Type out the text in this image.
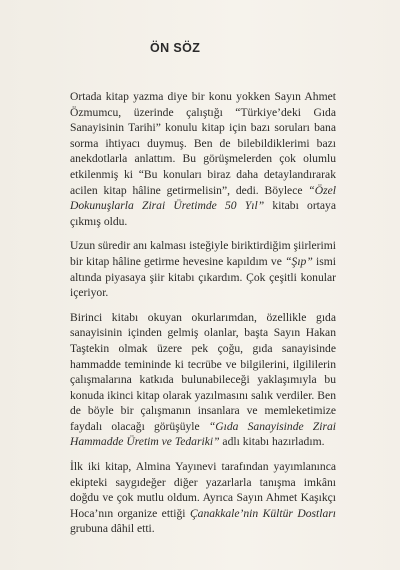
ÖN SÖZ

Ortada kitap yazma diye bir konu yokken Sayın Ahmet Özmumcu, üzerinde çalıştığı “Türkiye’deki Gıda Sanayisinin Tarihi” konulu kitap için bazı soruları bana sorma ihtiyacı duymuş. Ben de bilebildiklerimi bazı anekdotlarla anlattım. Bu görüşmelerden çok olumlu etkilenmiş ki “Bu konuları biraz daha detaylandırarak acilen kitap hâline getirmelisin”, dedi. Böylece “Özel Dokunuşlarla Zirai Üretimde 50 Yıl” kitabı ortaya çıkmış oldu.

Uzun süredir anı kalması isteğiyle biriktirdiğim şiirlerimi bir kitap hâline getirme hevesine kapıldım ve “Şıp” ismi altında piyasaya şiir kitabı çıkardım. Çok çeşitli konular içeriyor.

Birinci kitabı okuyan okurlarımdan, özellikle gıda sanayisinin içinden gelmiş olanlar, başta Sayın Hakan Taştekin olmak üzere pek çoğu, gıda sanayisinde hammadde temininde ki tecrübe ve bilgilerini, ilgililerin çalışmalarına katkıda bulunabileceği yaklaşımıyla bu konuda ikinci kitap olarak yazılmasını salık verdiler. Ben de böyle bir çalışmanın insanlara ve memleketimize faydalı olacağı görüşüyle “Gıda Sanayisinde Zirai Hammadde Üretim ve Tedariki” adlı kitabı hazırladım.

İlk iki kitap, Almina Yayınevi tarafından yayımlanınca ekipteki saygıdeğer diğer yazarlarla tanışma imkânı doğdu ve çok mutlu oldum. Ayrıca Sayın Ahmet Kaşıkçı Hoca’nın organize ettiği Çanakkale’nin Kültür Dostları grubuna dâhil etti.
